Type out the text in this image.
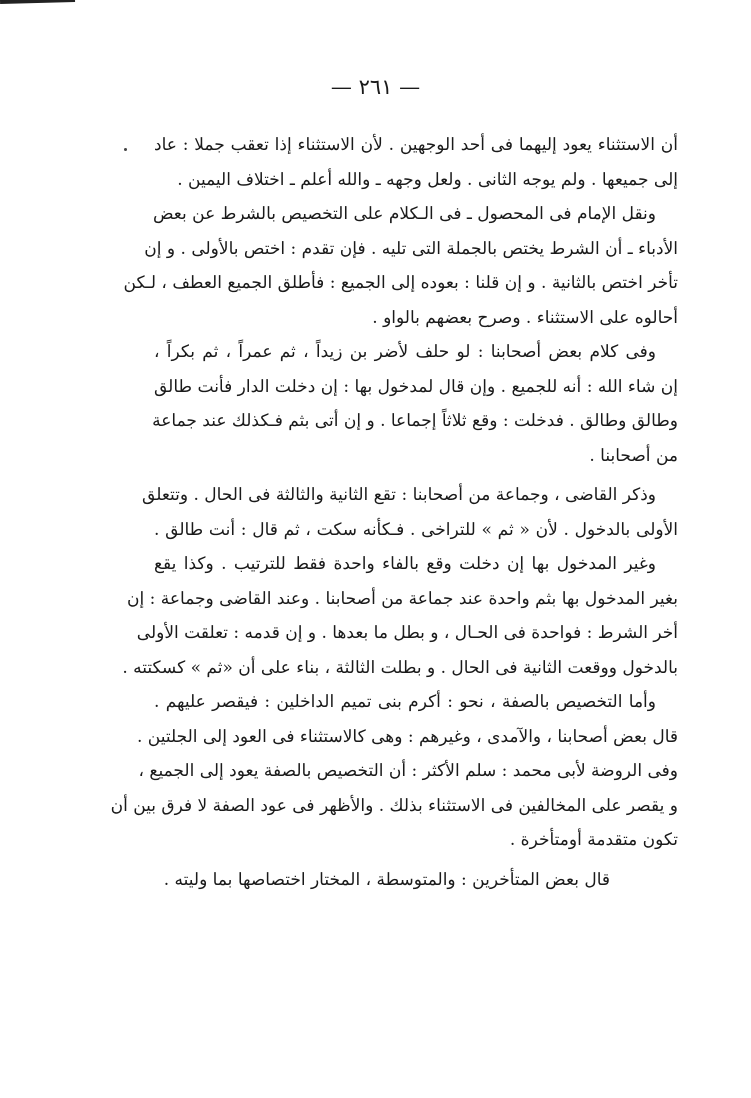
— ٢٦١ —
أن الاستثناء يعود إليهما فى أحد الوجهين . لأن الاستثناء إذا تعقب جملا : عاد
إلى جميعها . ولم يوجه الثانى . ولعل وجهه ـ والله أعلم ـ اختلاف اليمين .
ونقل الإمام فى المحصول ـ فى الـكلام على التخصيص بالشرط عن بعض
الأدباء ـ أن الشرط يختص بالجملة التى تليه . فإن تقدم : اختص بالأولى . و إن
تأخر اختص بالثانية . و إن قلنا : بعوده إلى الجميع : فأطلق الجميع العطف ، لـكن
أحالوه على الاستثناء . وصرح بعضهم بالواو .
وفى كلام بعض أصحابنا : لو حلف لأضر بن زيداً ، ثم عمراً ، ثم بكراً ،
إن شاء الله : أنه للجميع . وإن قال لمدخول بها : إن دخلت الدار فأنت طالق
وطالق وطالق . فدخلت : وقع ثلاثاً إجماعا . و إن أتى بثم فـكذلك عند جماعة
من أصحابنا .
وذكر القاضى ، وجماعة من أصحابنا : تقع الثانية والثالثة فى الحال . وتتعلق
الأولى بالدخول . لأن « ثم » للتراخى . فـكأنه سكت ، ثم قال : أنت طالق .
وغير المدخول بها إن دخلت وقع بالفاء واحدة فقط للترتيب . وكذا يقع
بغير المدخول بها بثم واحدة عند جماعة من أصحابنا . وعند القاضى وجماعة : إن
أخر الشرط : فواحدة فى الحـال ، و بطل ما بعدها . و إن قدمه : تعلقت الأولى
بالدخول ووقعت الثانية فى الحال . و بطلت الثالثة ، بناء على أن «ثم » كسكتته .
وأما التخصيص بالصفة ، نحو : أكرم بنى تميم الداخلين : فيقصر عليهم .
قال بعض أصحابنا ، والآمدى ، وغيرهم : وهى كالاستثناء فى العود إلى الجلتين .
وفى الروضة لأبى محمد : سلم الأكثر : أن التخصيص بالصفة يعود إلى الجميع ،
و يقصر على المخالفين فى الاستثناء بذلك . والأظهر فى عود الصفة لا فرق بين أن
تكون متقدمة أومتأخرة .
قال بعض المتأخرين : والمتوسطة ، المختار اختصاصها بما وليته .
